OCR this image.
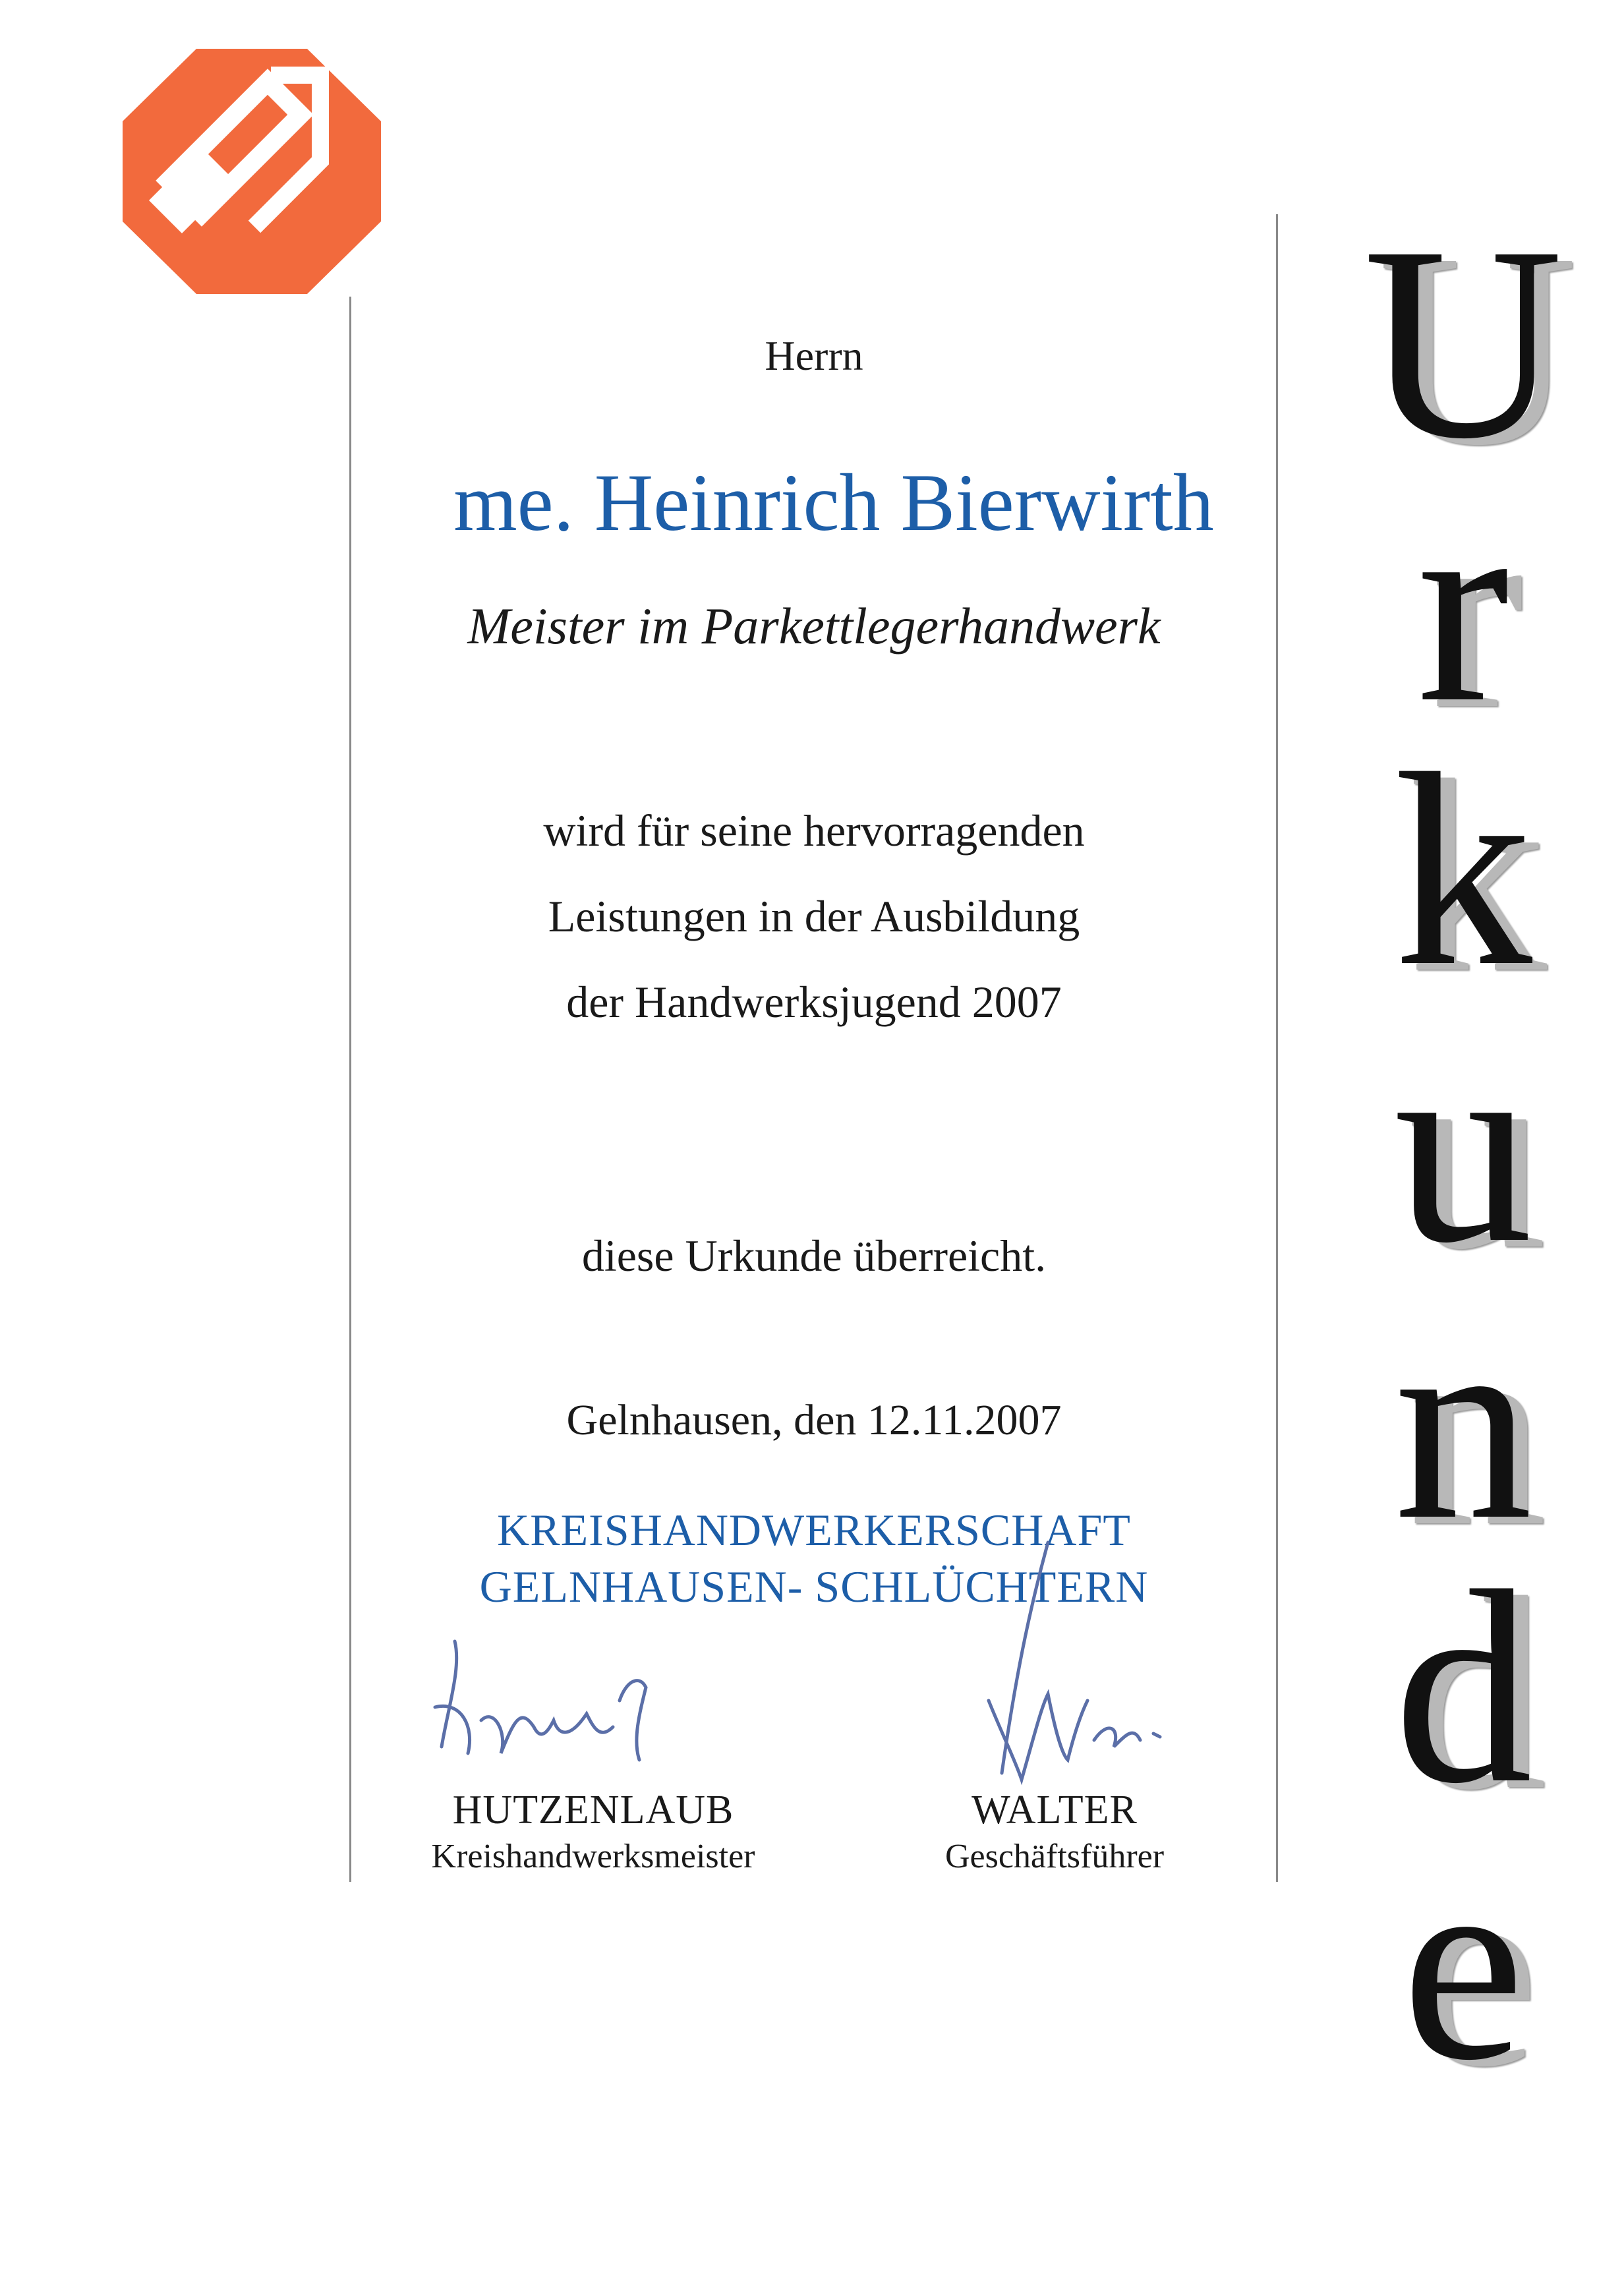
Herrn
me. Heinrich Bierwirth
Meister im Parkettlegerhandwerk
wird für seine hervorragenden
Leistungen in der Ausbildung
der Handwerksjugend 2007
diese Urkunde überreicht.
Gelnhausen, den 12.11.2007
KREISHANDWERKERSCHAFT
GELNHAUSEN- SCHLÜCHTERN
HUTZENLAUB
Kreishandwerksmeister
WALTER
Geschäftsführer
U
r
k
u
n
d
e
